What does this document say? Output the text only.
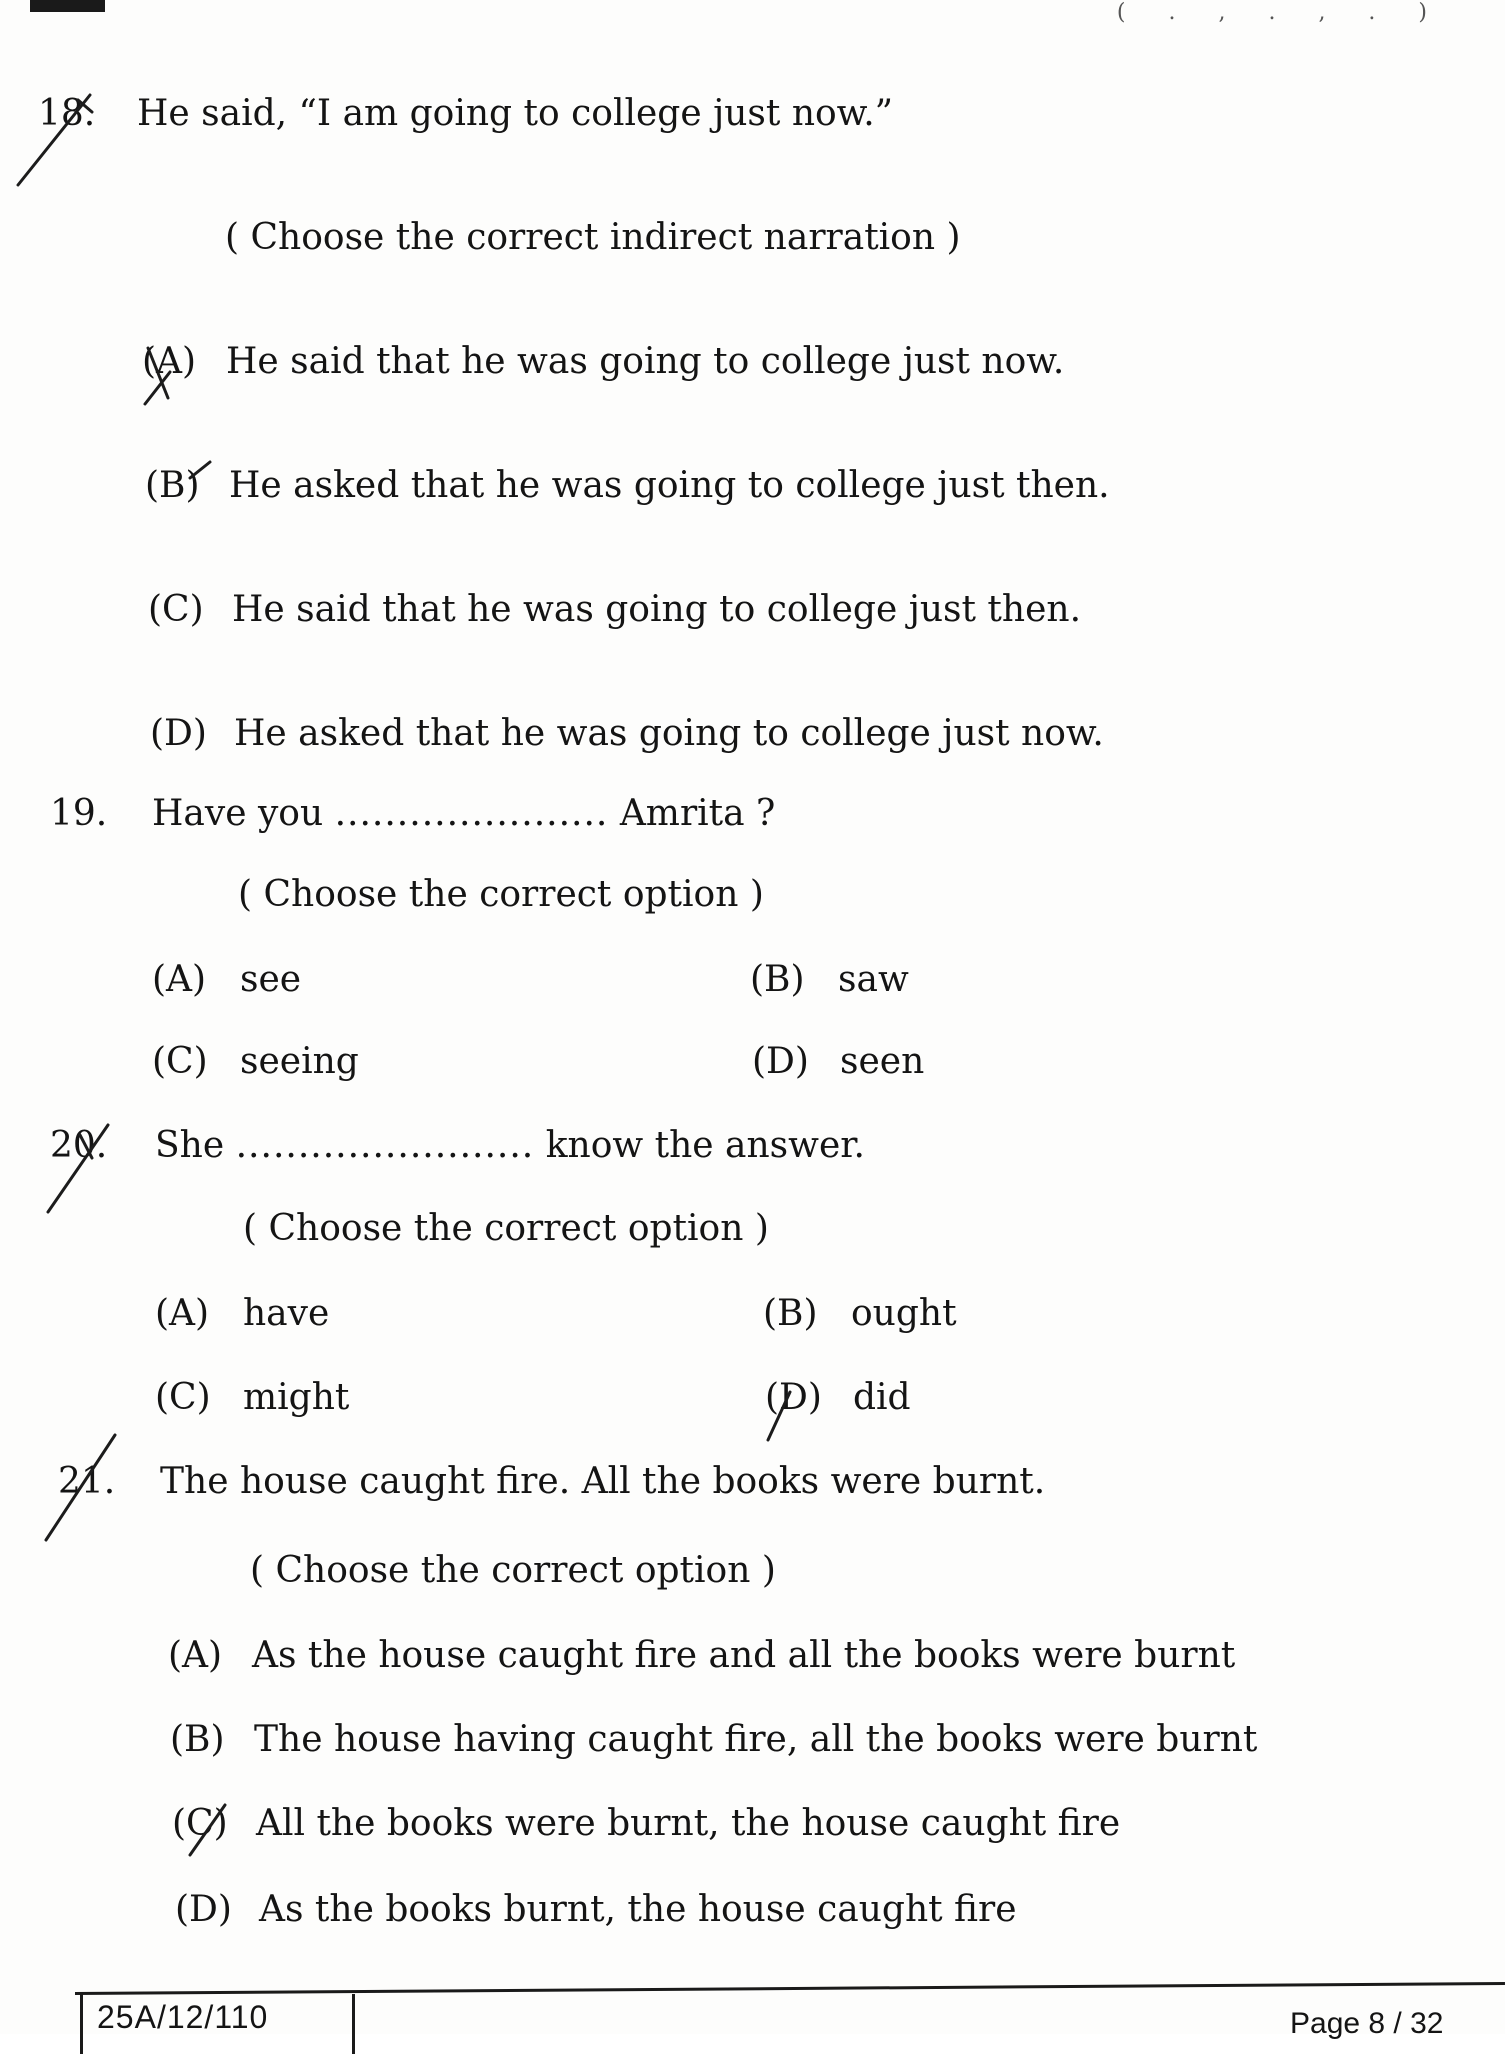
( . , . , . )
18. He said, “I am going to college just now.”
( Choose the correct indirect narration )
(A) He said that he was going to college just now.
(B) He asked that he was going to college just then.
(C) He said that he was going to college just then.
(D) He asked that he was going to college just now.
19. Have you ...................... Amrita ?
( Choose the correct option )
(A) see	(B) saw
(C) seeing	(D) seen
20. She ........................ know the answer.
( Choose the correct option )
(A) have	(B) ought
(C) might	(D) did
21. The house caught fire. All the books were burnt.
( Choose the correct option )
(A) As the house caught fire and all the books were burnt
(B) The house having caught fire, all the books were burnt
(C) All the books were burnt, the house caught fire
(D) As the books burnt, the house caught fire
25A/12/110	Page 8 / 32
